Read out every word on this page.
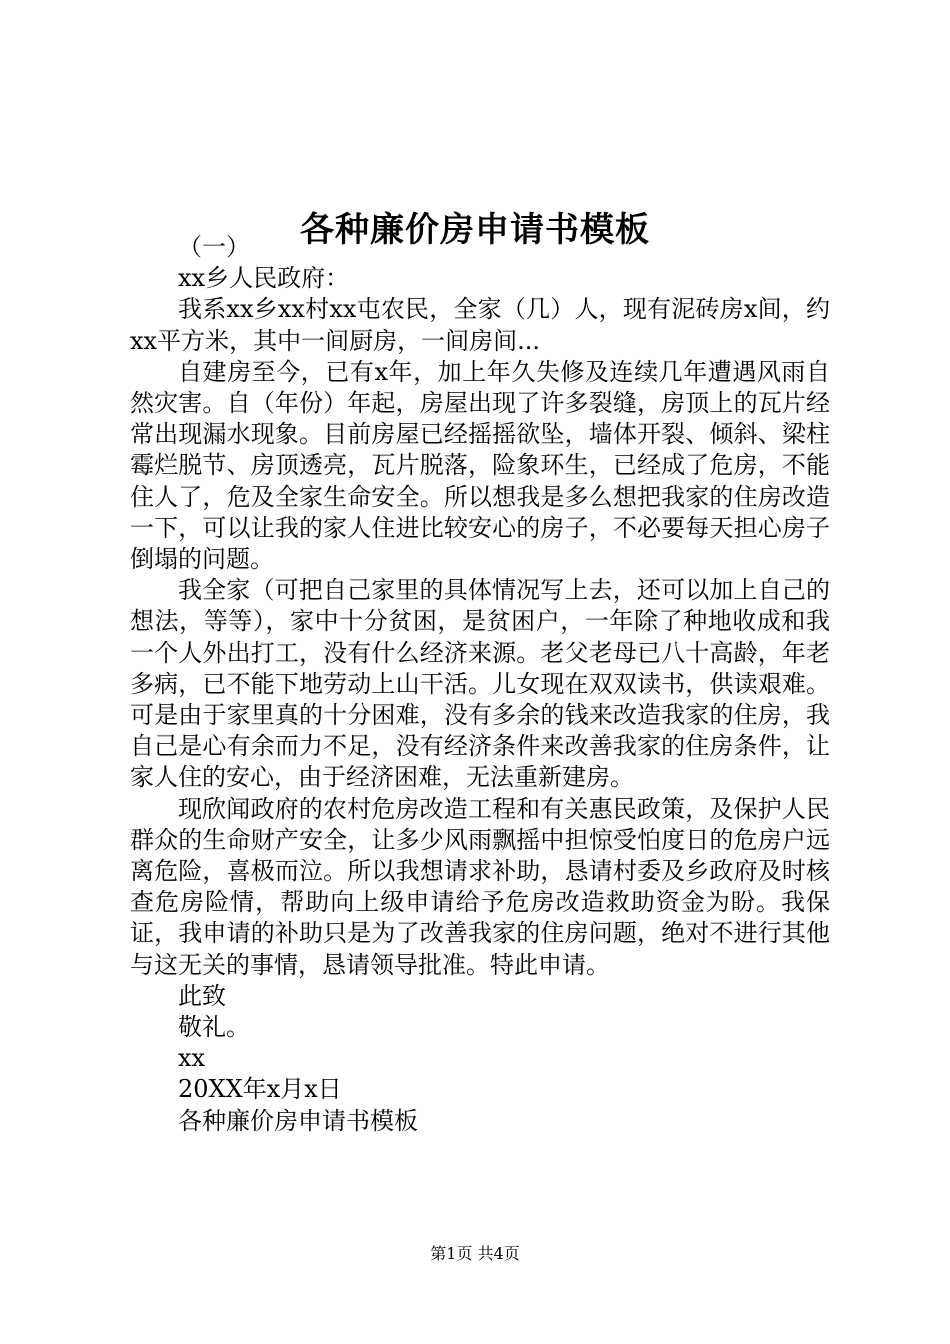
各种廉价房申请书模板

（一）

xx乡人民政府：

我系xx乡xx村xx屯农民，全家（几）人，现有泥砖房x间，约xx平方米，其中一间厨房，一间房间...

自建房至今，已有x年，加上年久失修及连续几年遭遇风雨自然灾害。自（年份）年起，房屋出现了许多裂缝，房顶上的瓦片经常出现漏水现象。目前房屋已经摇摇欲坠，墙体开裂、倾斜、梁柱霉烂脱节、房顶透亮，瓦片脱落，险象环生，已经成了危房，不能住人了，危及全家生命安全。所以想我是多么想把我家的住房改造一下，可以让我的家人住进比较安心的房子，不必要每天担心房子倒塌的问题。

我全家（可把自己家里的具体情况写上去，还可以加上自己的想法，等等），家中十分贫困，是贫困户，一年除了种地收成和我一个人外出打工，没有什么经济来源。老父老母已八十高龄，年老多病，已不能下地劳动上山干活。儿女现在双双读书，供读艰难。可是由于家里真的十分困难，没有多余的钱来改造我家的住房，我自己是心有余而力不足，没有经济条件来改善我家的住房条件，让家人住的安心，由于经济困难，无法重新建房。

现欣闻政府的农村危房改造工程和有关惠民政策，及保护人民群众的生命财产安全，让多少风雨飘摇中担惊受怕度日的危房户远离危险，喜极而泣。所以我想请求补助，恳请村委及乡政府及时核查危房险情，帮助向上级申请给予危房改造救助资金为盼。我保证，我申请的补助只是为了改善我家的住房问题，绝对不进行其他与这无关的事情，恳请领导批准。特此申请。

此致

敬礼。

xx

20XX年x月x日

各种廉价房申请书模板

第1页 共4页
